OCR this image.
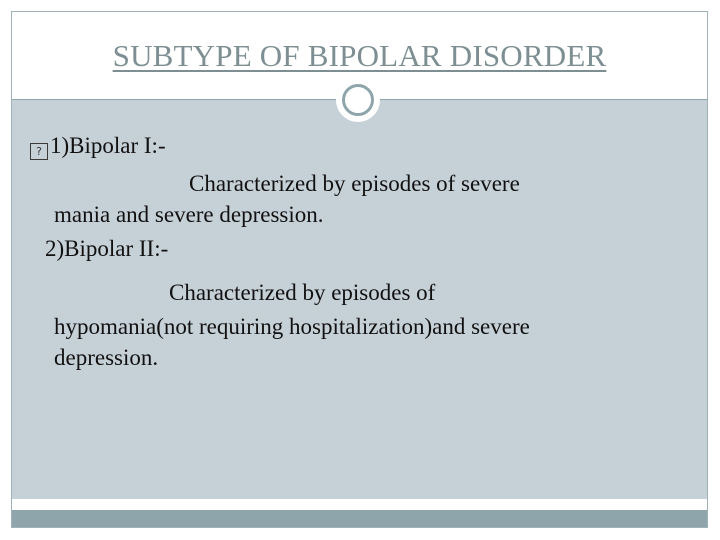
SUBTYPE OF BIPOLAR DISORDER
? 1)Bipolar I:-
Characterized by episodes of severe
mania and severe depression.
2)Bipolar II:-
Characterized by episodes of
hypomania(not requiring hospitalization)and severe
depression.
